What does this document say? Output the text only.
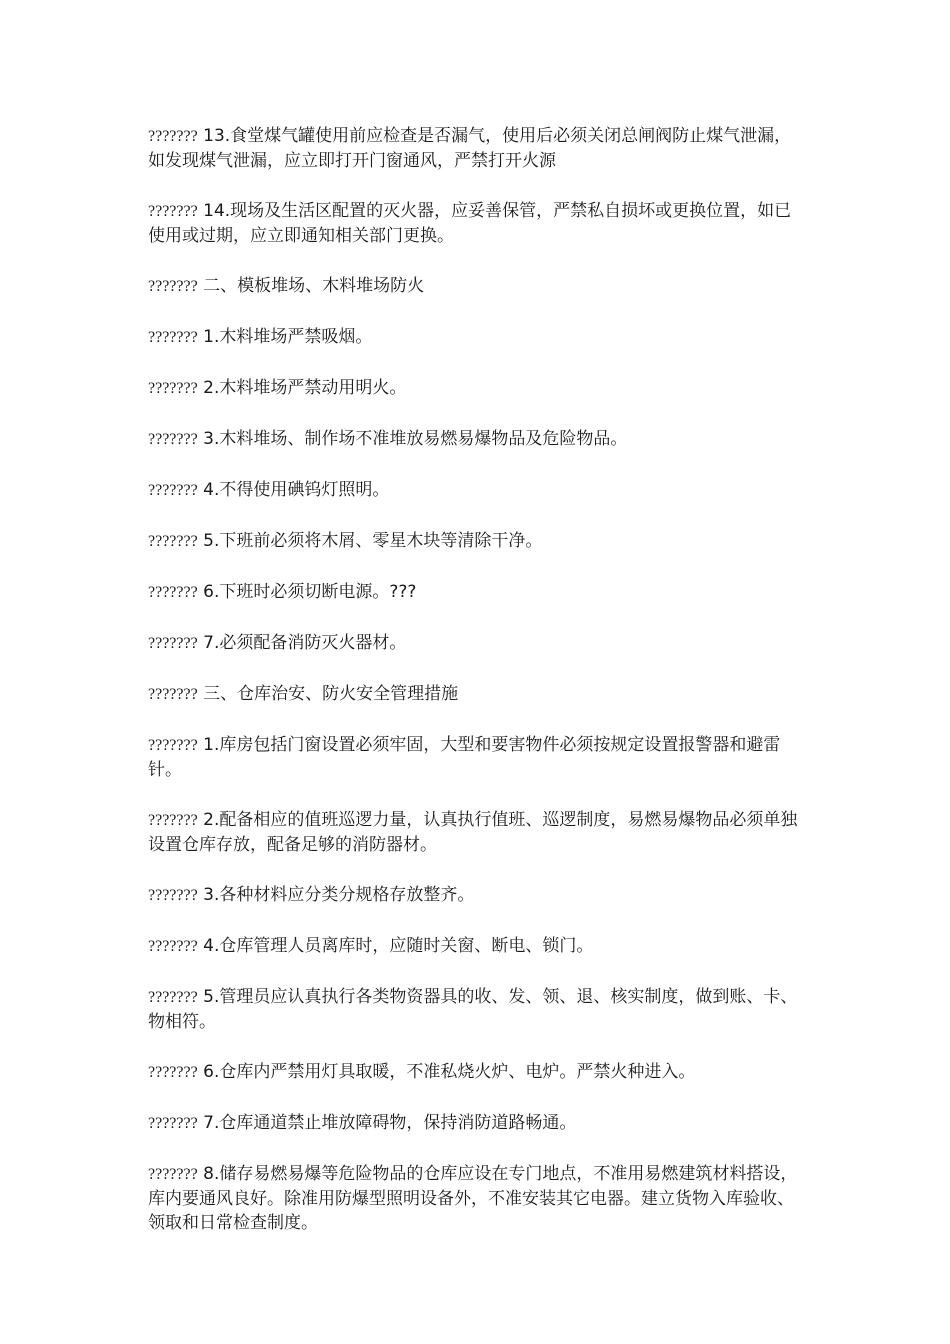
??????? 13.食堂煤气罐使用前应检查是否漏气，使用后必须关闭总闸阀防止煤气泄漏，如发现煤气泄漏，应立即打开门窗通风，严禁打开火源

??????? 14.现场及生活区配置的灭火器，应妥善保管，严禁私自损坏或更换位置，如已使用或过期，应立即通知相关部门更换。

??????? 二、模板堆场、木料堆场防火

??????? 1.木料堆场严禁吸烟。

??????? 2.木料堆场严禁动用明火。

??????? 3.木料堆场、制作场不准堆放易燃易爆物品及危险物品。

??????? 4.不得使用碘钨灯照明。

??????? 5.下班前必须将木屑、零星木块等清除干净。

??????? 6.下班时必须切断电源。???

??????? 7.必须配备消防灭火器材。

??????? 三、仓库治安、防火安全管理措施

??????? 1.库房包括门窗设置必须牢固，大型和要害物件必须按规定设置报警器和避雷针。

??????? 2.配备相应的值班巡逻力量，认真执行值班、巡逻制度，易燃易爆物品必须单独设置仓库存放，配备足够的消防器材。

??????? 3.各种材料应分类分规格存放整齐。

??????? 4.仓库管理人员离库时，应随时关窗、断电、锁门。

??????? 5.管理员应认真执行各类物资器具的收、发、领、退、核实制度，做到账、卡、物相符。

??????? 6.仓库内严禁用灯具取暖，不准私烧火炉、电炉。严禁火种进入。

??????? 7.仓库通道禁止堆放障碍物，保持消防道路畅通。

??????? 8.储存易燃易爆等危险物品的仓库应设在专门地点，不准用易燃建筑材料搭设，库内要通风良好。除准用防爆型照明设备外，不准安装其它电器。建立货物入库验收、领取和日常检查制度。
